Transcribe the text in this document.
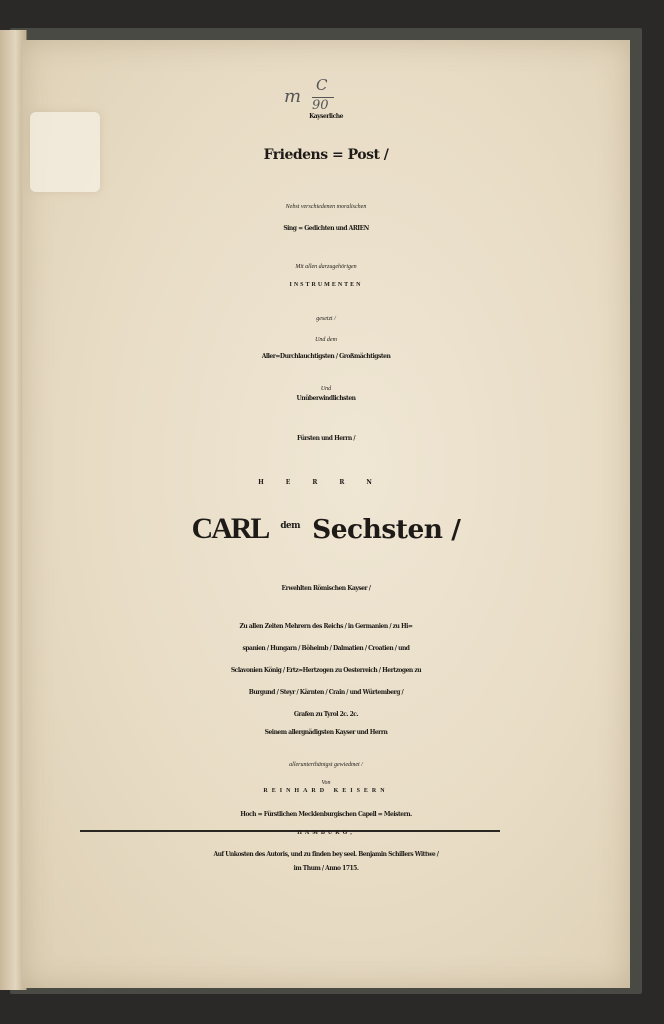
m
C
90
Kayserliche
Friedens = Post /
Nebst verschiedenen moralischen
Sing = Gedichten und ARIEN
Mit allen darzugehörigen
INSTRUMENTEN
gesetzt /
Und dem
Aller=Durchlauchtigsten / Großmächtigsten
Und
Unüberwindlichsten
Fürsten und Herrn /
HERRN
CARL $^{dem}$ Sechsten /
Erwehlten Römischen Kayser /
Zu allen Zeiten Mehrern des Reichs / in Germanien / zu Hi=
spanien / Hungarn / Böheimb / Dalmatien / Croatien / und
Sclavonien König / Ertz=Hertzogen zu Oesterreich / Hertzogen zu
Burgund / Steyr / Kärnten / Crain / und Würtemberg /
Grafen zu Tyrol 2c. 2c.
Seinem allergnädigsten Kayser und Herrn
allerunterthänigst gewiedmet /
Von
REINHARD KEISERN
Hoch = Fürstlichen Mecklenburgischen Capell = Meistern.
HAMBURG,
Auf Unkosten des Autoris, und zu finden bey seel. Benjamin Schillers Wittwe /
im Thum / Anno 1715.
